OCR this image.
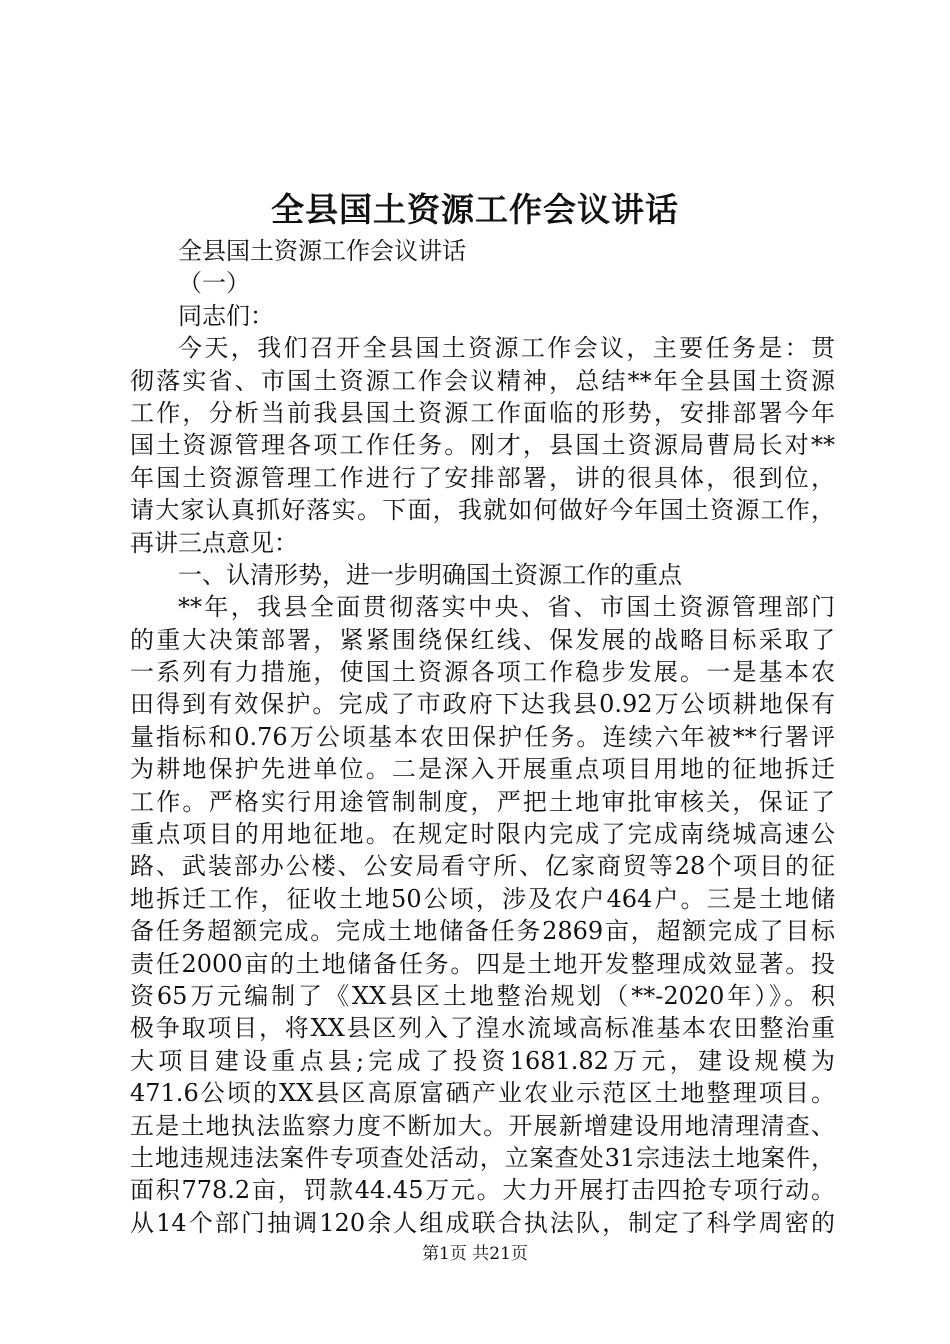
全县国土资源工作会议讲话
全县国土资源工作会议讲话
（一）
同志们：
今天，我们召开全县国土资源工作会议，主要任务是：贯
彻落实省、市国土资源工作会议精神，总结**年全县国土资源
工作，分析当前我县国土资源工作面临的形势，安排部署今年
国土资源管理各项工作任务。刚才，县国土资源局曹局长对**
年国土资源管理工作进行了安排部署，讲的很具体，很到位，
请大家认真抓好落实。下面，我就如何做好今年国土资源工作，
再讲三点意见：
一、认清形势，进一步明确国土资源工作的重点
**年，我县全面贯彻落实中央、省、市国土资源管理部门
的重大决策部署，紧紧围绕保红线、保发展的战略目标采取了
一系列有力措施，使国土资源各项工作稳步发展。一是基本农
田得到有效保护。完成了市政府下达我县0.92万公顷耕地保有
量指标和0.76万公顷基本农田保护任务。连续六年被**行署评
为耕地保护先进单位。二是深入开展重点项目用地的征地拆迁
工作。严格实行用途管制制度，严把土地审批审核关，保证了
重点项目的用地征地。在规定时限内完成了完成南绕城高速公
路、武装部办公楼、公安局看守所、亿家商贸等28个项目的征
地拆迁工作，征收土地50公顷，涉及农户464户。三是土地储
备任务超额完成。完成土地储备任务2869亩，超额完成了目标
责任2000亩的土地储备任务。四是土地开发整理成效显著。投
资65万元编制了《XX县区土地整治规划（**-2020年）》。积
极争取项目，将XX县区列入了湟水流域高标准基本农田整治重
大项目建设重点县;完成了投资1681.82万元，建设规模为
471.6公顷的XX县区高原富硒产业农业示范区土地整理项目。
五是土地执法监察力度不断加大。开展新增建设用地清理清查、
土地违规违法案件专项查处活动，立案查处31宗违法土地案件，
面积778.2亩，罚款44.45万元。大力开展打击四抢专项行动。
从14个部门抽调120余人组成联合执法队，制定了科学周密的
第1页 共21页
